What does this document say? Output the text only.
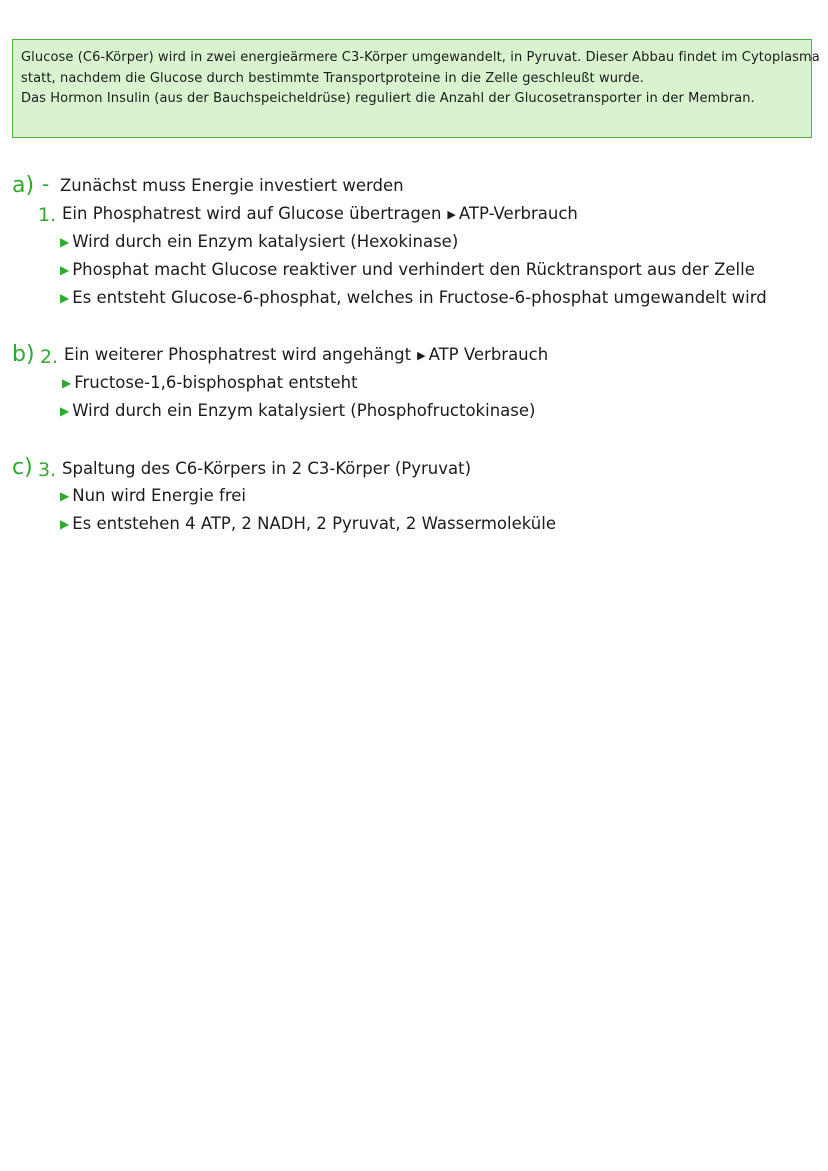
Glucose (C6-Körper) wird in zwei energieärmere C3-Körper umgewandelt, in Pyruvat. Dieser Abbau findet im Cytoplasma

statt, nachdem die Glucose durch bestimmte Transportproteine in die Zelle geschleußt wurde.

Das Hormon Insulin (aus der Bauchspeicheldrüse) reguliert die Anzahl der Glucosetransporter in der Membran.

a) - Zunächst muss Energie investiert werden
1. Ein Phosphatrest wird auf Glucose übertragen ▶ ATP-Verbrauch
▶ Wird durch ein Enzym katalysiert (Hexokinase)
▶ Phosphat macht Glucose reaktiver und verhindert den Rücktransport aus der Zelle
▶ Es entsteht Glucose-6-phosphat, welches in Fructose-6-phosphat umgewandelt wird
b) 2. Ein weiterer Phosphatrest wird angehängt ▶ ATP Verbrauch
▶ Fructose-1,6-bisphosphat entsteht
▶ Wird durch ein Enzym katalysiert (Phosphofructokinase)
c) 3. Spaltung des C6-Körpers in 2 C3-Körper (Pyruvat)
▶ Nun wird Energie frei
▶ Es entstehen 4 ATP, 2 NADH, 2 Pyruvat, 2 Wassermoleküle
